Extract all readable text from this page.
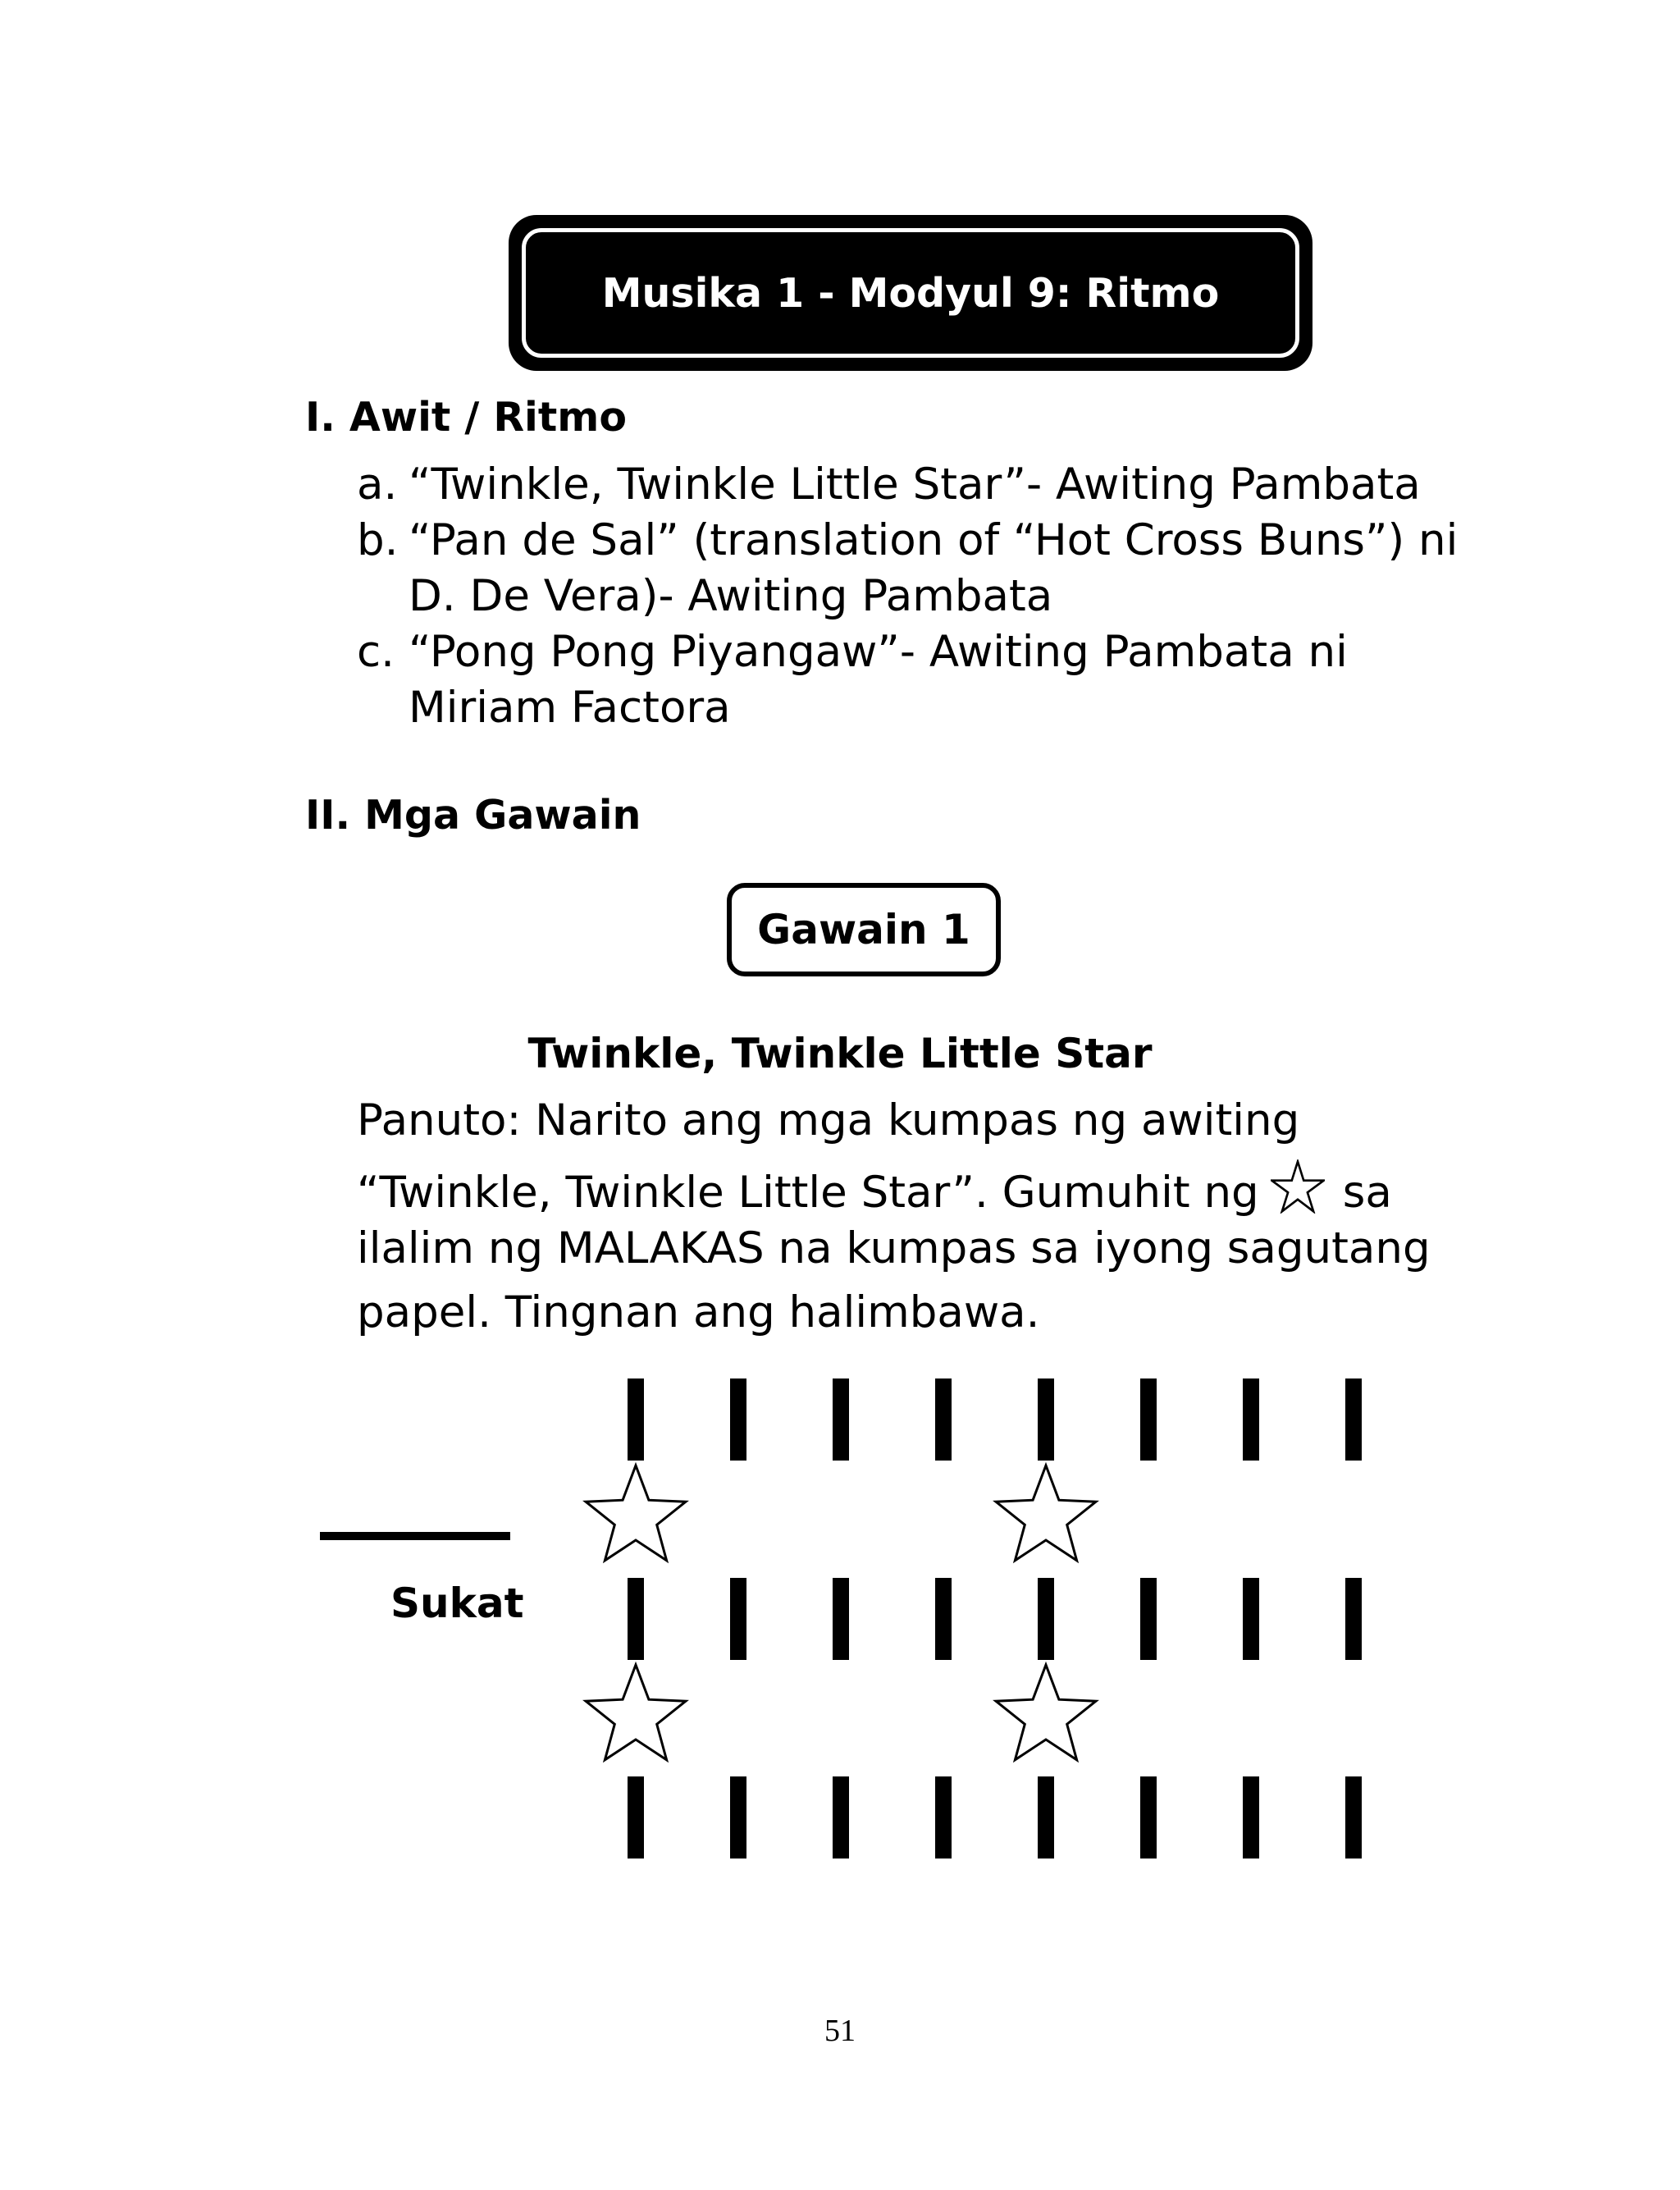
Musika 1 - Modyul 9: Ritmo
I. Awit / Ritmo
a. “Twinkle, Twinkle Little Star”- Awiting Pambata
b. “Pan de Sal” (translation of “Hot Cross Buns”) ni
D. De Vera)- Awiting Pambata
c. “Pong Pong Piyangaw”- Awiting Pambata ni
Miriam Factora
II. Mga Gawain
Gawain 1
Twinkle, Twinkle Little Star
Panuto: Narito ang mga kumpas ng awiting
“Twinkle, Twinkle Little Star”. Gumuhit ng sa
ilalim ng MALAKAS na kumpas sa iyong sagutang
papel. Tingnan ang halimbawa.
Sukat
51
